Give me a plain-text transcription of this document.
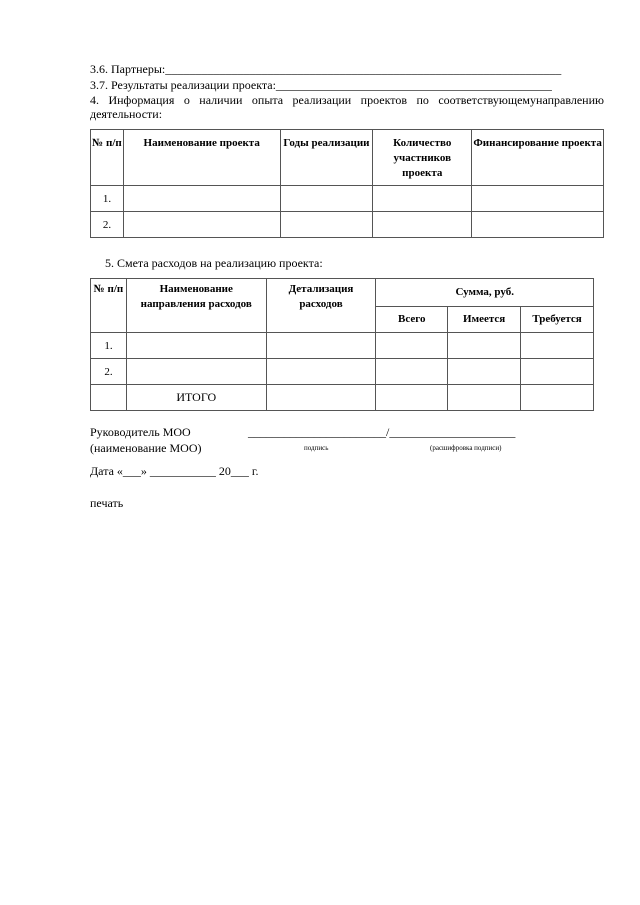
3.6. Партнеры:__________________________________________________________________
3.7. Результаты реализации проекта:______________________________________________
4. Информация о наличии опыта реализации проектов по соответствующемунаправлению деятельности:
№ п/п	Наименование проекта	Годы реализации	Количество участников проекта	Финансирование проекта
1.				
2.				
5. Смета расходов на реализацию проекта:
№ п/п	Наименование направления расходов	Детализация расходов	Сумма, руб.		
			Всего	Имеется	Требуется
1.					
2.					
	ИТОГО				
Руководитель МОО	_______________________/_____________________
(наименование МОО)	подпись	(расшифровка подписи)
Дата «___» ___________ 20___ г.
печать
